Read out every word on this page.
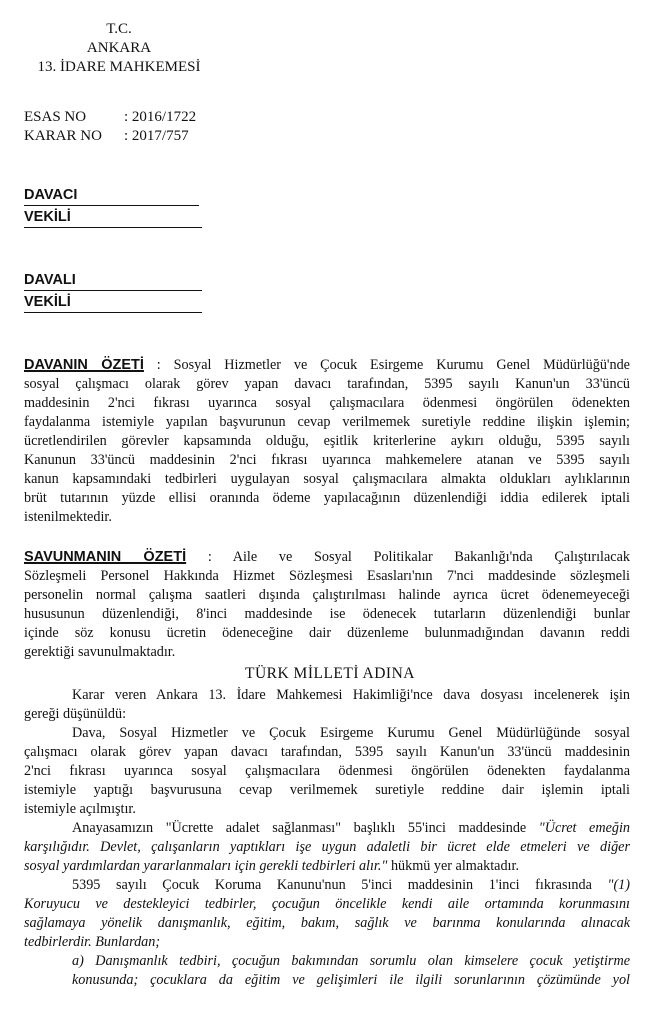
T.C.
ANKARA
13. İDARE MAHKEMESİ
ESAS NO	: 2016/1722
KARAR NO	: 2017/757
DAVACI
VEKİLİ
DAVALI
VEKİLİ
DAVANIN ÖZETİ : Sosyal Hizmetler ve Çocuk Esirgeme Kurumu Genel Müdürlüğü'nde
sosyal çalışmacı olarak görev yapan davacı tarafından, 5395 sayılı Kanun'un 33'üncü
maddesinin 2'nci fıkrası uyarınca sosyal çalışmacılara ödenmesi öngörülen ödenekten
faydalanma istemiyle yapılan başvurunun cevap verilmemek suretiyle reddine ilişkin işlemin;
ücretlendirilen görevler kapsamında olduğu, eşitlik kriterlerine aykırı olduğu, 5395 sayılı
Kanunun 33'üncü maddesinin 2'nci fıkrası uyarınca mahkemelere atanan ve 5395 sayılı
kanun kapsamındaki tedbirleri uygulayan sosyal çalışmacılara almakta oldukları aylıklarının
brüt tutarının yüzde ellisi oranında ödeme yapılacağının düzenlendiği iddia edilerek iptali
istenilmektedir.
SAVUNMANIN ÖZETİ : Aile ve Sosyal Politikalar Bakanlığı'nda Çalıştırılacak
Sözleşmeli Personel Hakkında Hizmet Sözleşmesi Esasları'nın 7'nci maddesinde sözleşmeli
personelin normal çalışma saatleri dışında çalıştırılması halinde ayrıca ücret ödenemeyeceği
hususunun düzenlendiği, 8'inci maddesinde ise ödenecek tutarların düzenlendiği bunlar
içinde söz konusu ücretin ödeneceğine dair düzenleme bulunmadığından davanın reddi
gerektiği savunulmaktadır.
TÜRK MİLLETİ ADINA
Karar veren Ankara 13. İdare Mahkemesi Hakimliği'nce dava dosyası incelenerek işin
gereği düşünüldü:
Dava, Sosyal Hizmetler ve Çocuk Esirgeme Kurumu Genel Müdürlüğünde sosyal
çalışmacı olarak görev yapan davacı tarafından, 5395 sayılı Kanun'un 33'üncü maddesinin
2'nci fıkrası uyarınca sosyal çalışmacılara ödenmesi öngörülen ödenekten faydalanma
istemiyle yaptığı başvurusuna cevap verilmemek suretiyle reddine dair işlemin iptali
istemiyle açılmıştır.
Anayasamızın "Ücrette adalet sağlanması" başlıklı 55'inci maddesinde "Ücret emeğin
karşılığıdır. Devlet, çalışanların yaptıkları işe uygun adaletli bir ücret elde etmeleri ve diğer
sosyal yardımlardan yararlanmaları için gerekli tedbirleri alır." hükmü yer almaktadır.
5395 sayılı Çocuk Koruma Kanunu'nun 5'inci maddesinin 1'inci fıkrasında "(1)
Koruyucu ve destekleyici tedbirler, çocuğun öncelikle kendi aile ortamında korunmasını
sağlamaya yönelik danışmanlık, eğitim, bakım, sağlık ve barınma konularında alınacak
tedbirlerdir. Bunlardan;
a) Danışmanlık tedbiri, çocuğun bakımından sorumlu olan kimselere çocuk yetiştirme
konusunda; çocuklara da eğitim ve gelişimleri ile ilgili sorunlarının çözümünde yol
